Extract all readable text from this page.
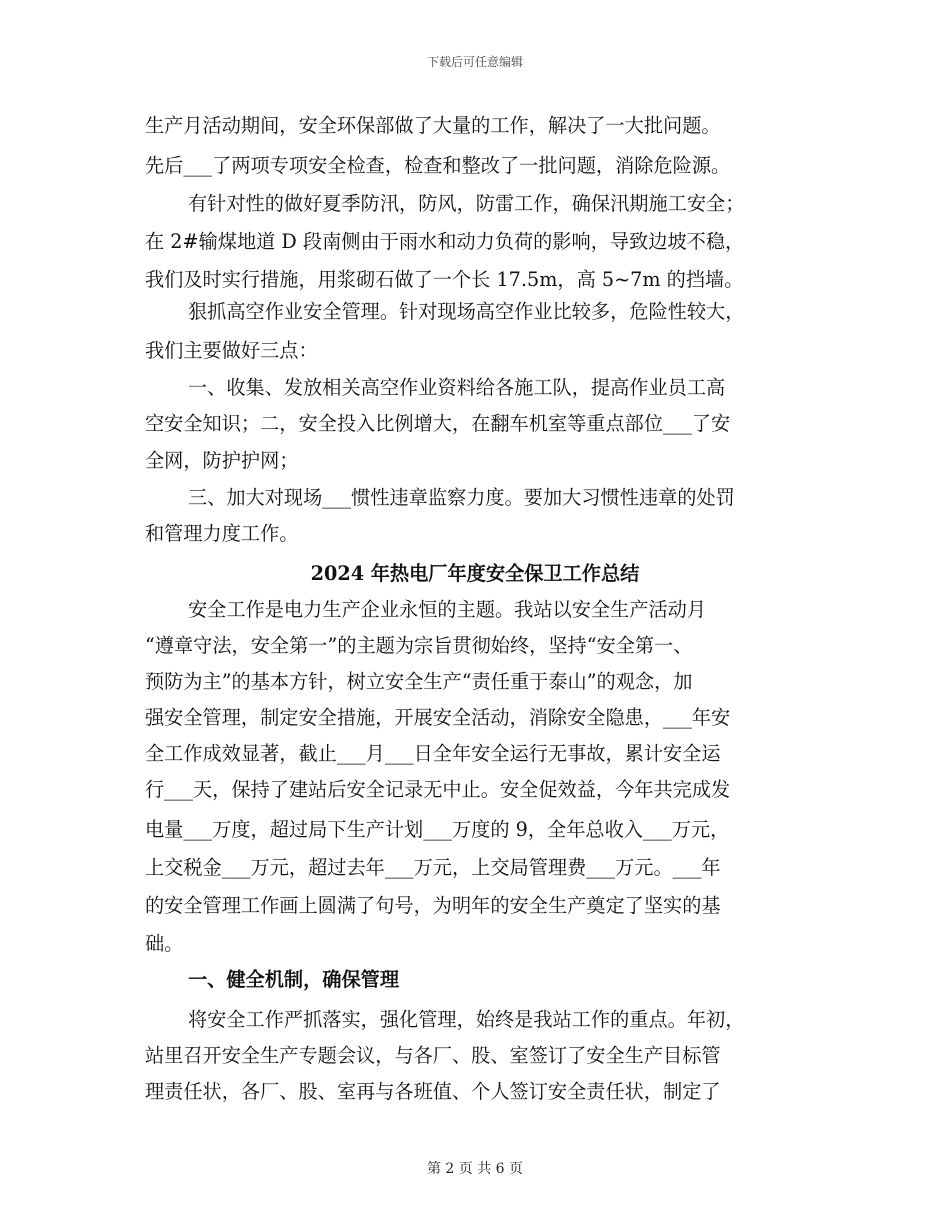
下载后可任意编辑
生产月活动期间，安全环保部做了大量的工作，解决了一大批问题。
先后___了两项专项安全检查，检查和整改了一批问题，消除危险源。
有针对性的做好夏季防汛，防风，防雷工作，确保汛期施工安全；
在 2#输煤地道 D 段南侧由于雨水和动力负荷的影响，导致边坡不稳，
我们及时实行措施，用浆砌石做了一个长 17.5m，高 5~7m 的挡墙。
狠抓高空作业安全管理。针对现场高空作业比较多，危险性较大，
我们主要做好三点：
一、收集、发放相关高空作业资料给各施工队，提高作业员工高
空安全知识；二，安全投入比例增大，在翻车机室等重点部位___了安
全网，防护护网；
三、加大对现场___惯性违章监察力度。要加大习惯性违章的处罚
和管理力度工作。
2024 年热电厂年度安全保卫工作总结
安全工作是电力生产企业永恒的主题。我站以安全生产活动月
“遵章守法，安全第一”的主题为宗旨贯彻始终，坚持“安全第一、
预防为主”的基本方针，树立安全生产“责任重于泰山”的观念，加
强安全管理，制定安全措施，开展安全活动，消除安全隐患，___年安
全工作成效显著，截止___月___日全年安全运行无事故，累计安全运
行___天，保持了建站后安全记录无中止。安全促效益，今年共完成发
电量___万度，超过局下生产计划___万度的 9，全年总收入___万元，
上交税金___万元，超过去年___万元，上交局管理费___万元。___年
的安全管理工作画上圆满了句号，为明年的安全生产奠定了坚实的基
础。
一、健全机制，确保管理
将安全工作严抓落实，强化管理，始终是我站工作的重点。年初，
站里召开安全生产专题会议，与各厂、股、室签订了安全生产目标管
理责任状，各厂、股、室再与各班值、个人签订安全责任状，制定了
第 2 页 共 6 页
